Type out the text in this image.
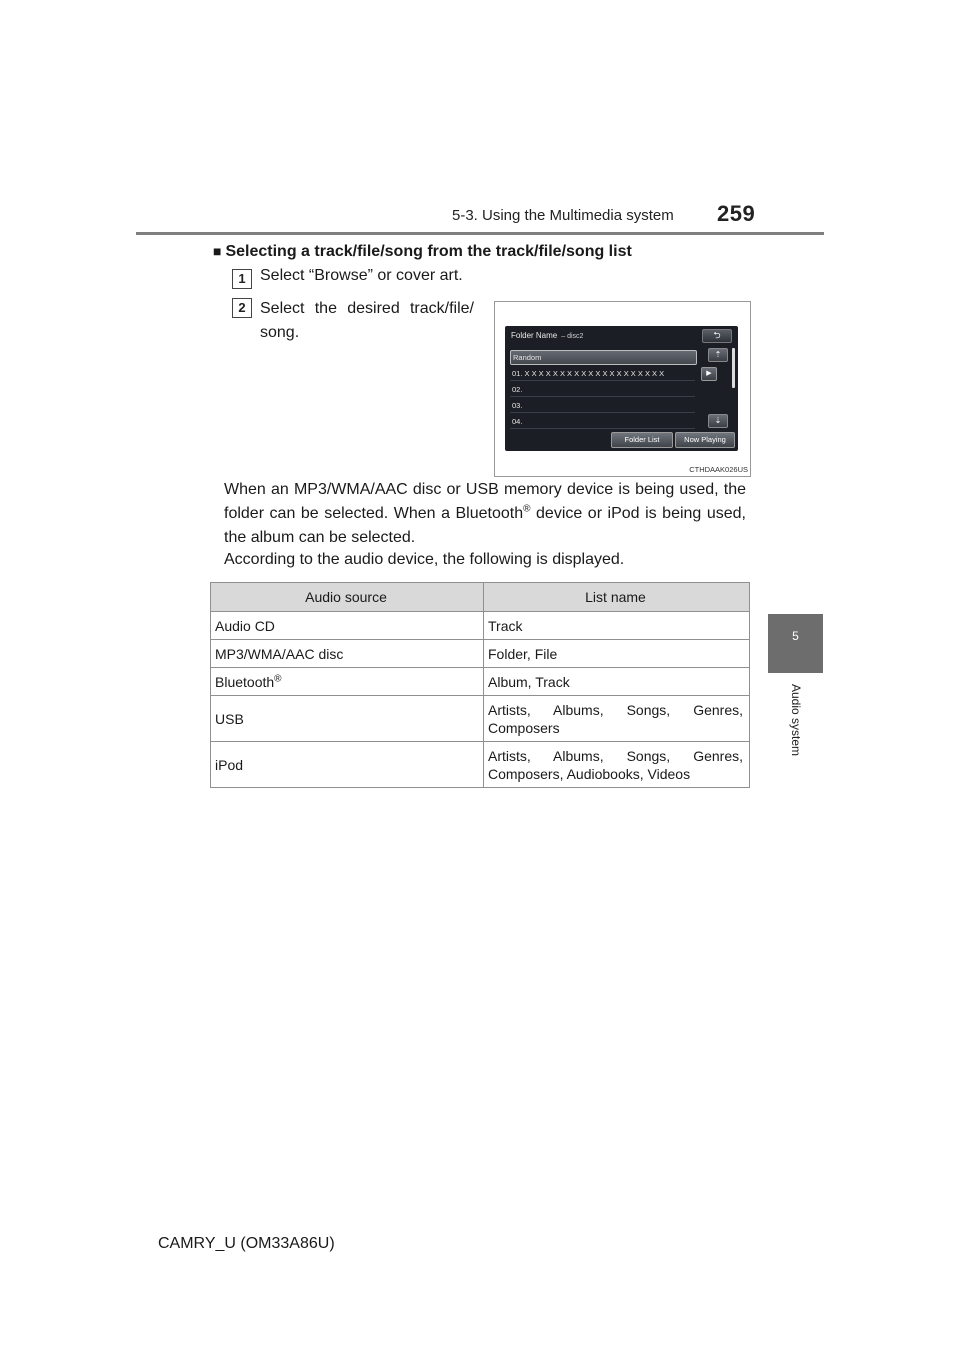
5-3. Using the Multimedia system 259
5
Audio system
■ Selecting a track/file/song from the track/file/song list
1 Select “Browse” or cover art.
2 Select the desired track/file/ song.	Folder Name – disc2	⮌
Random
01. X X X X X X X X X X X X X X X X X X X X
02.
03.
04.
▶
⇡
⇣
Folder List	Now Playing
CTHDAAK026US
When an MP3/WMA/AAC disc or USB memory device is being used, the folder can be selected. When a Bluetooth® device or iPod is being used, the album can be selected.
According to the audio device, the following is displayed.
Audio source	List name
Audio CD	Track
MP3/WMA/AAC disc	Folder, File
Bluetooth®	Album, Track
USB	Artists, Albums, Songs, Genres, Composers
iPod	Artists, Albums, Songs, Genres, Composers, Audiobooks, Videos
CAMRY_U (OM33A86U)
